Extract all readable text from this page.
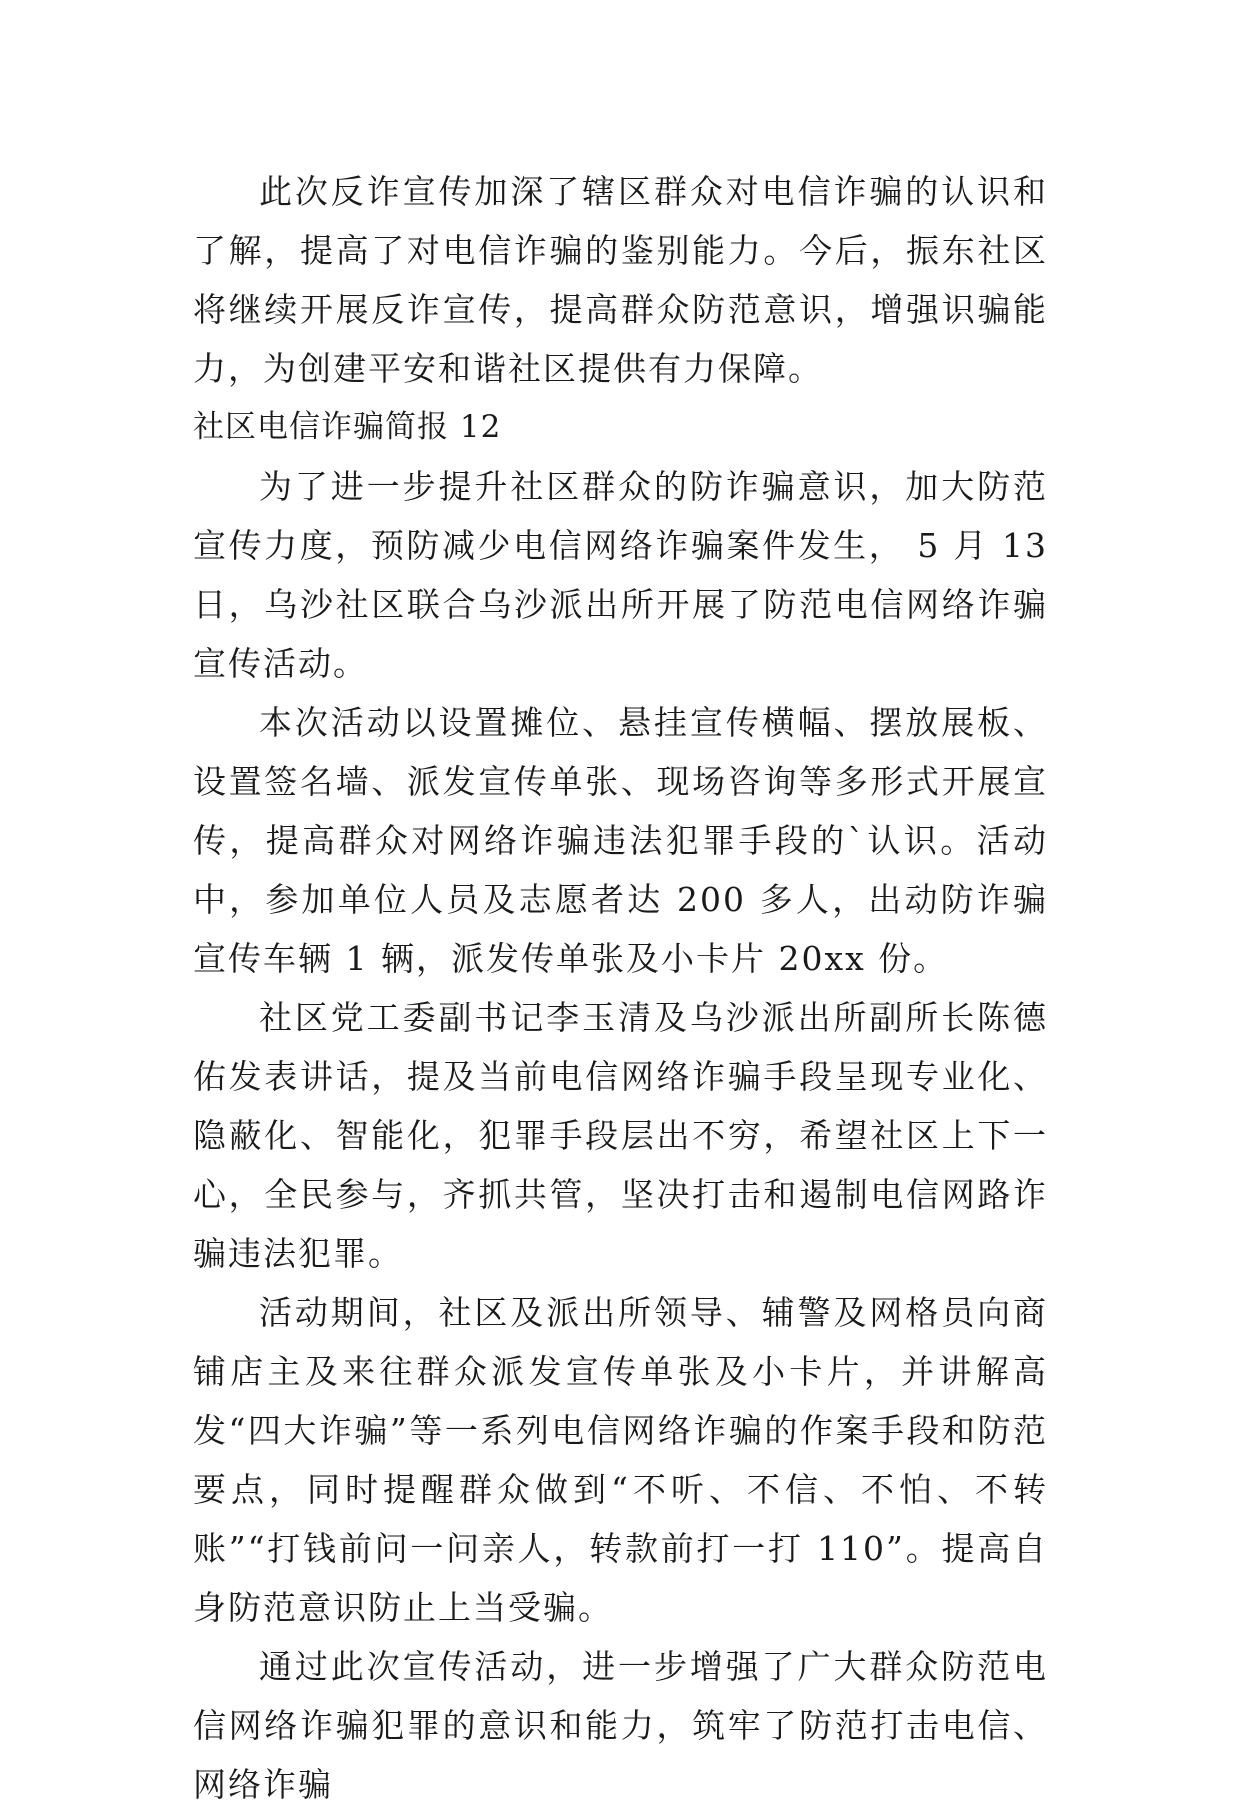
此次反诈宣传加深了辖区群众对电信诈骗的认识和了解，提高了对电信诈骗的鉴别能力。今后，振东社区将继续开展反诈宣传，提高群众防范意识，增强识骗能力，为创建平安和谐社区提供有力保障。

社区电信诈骗简报 12

为了进一步提升社区群众的防诈骗意识，加大防范宣传力度，预防减少电信网络诈骗案件发生， 5 月 13 日，乌沙社区联合乌沙派出所开展了防范电信网络诈骗宣传活动。

本次活动以设置摊位、悬挂宣传横幅、摆放展板、设置签名墙、派发宣传单张、现场咨询等多形式开展宣传，提高群众对网络诈骗违法犯罪手段的`认识。活动中，参加单位人员及志愿者达 200 多人，出动防诈骗宣传车辆 1 辆，派发传单张及小卡片 20xx 份。

社区党工委副书记李玉清及乌沙派出所副所长陈德佑发表讲话，提及当前电信网络诈骗手段呈现专业化、隐蔽化、智能化，犯罪手段层出不穷，希望社区上下一心，全民参与，齐抓共管，坚决打击和遏制电信网路诈骗违法犯罪。

活动期间，社区及派出所领导、辅警及网格员向商铺店主及来往群众派发宣传单张及小卡片，并讲解高发“四大诈骗”等一系列电信网络诈骗的作案手段和防范要点，同时提醒群众做到“不听、不信、不怕、不转账”“打钱前问一问亲人，转款前打一打 110”。提高自身防范意识防止上当受骗。

通过此次宣传活动，进一步增强了广大群众防范电信网络诈骗犯罪的意识和能力，筑牢了防范打击电信、网络诈骗
